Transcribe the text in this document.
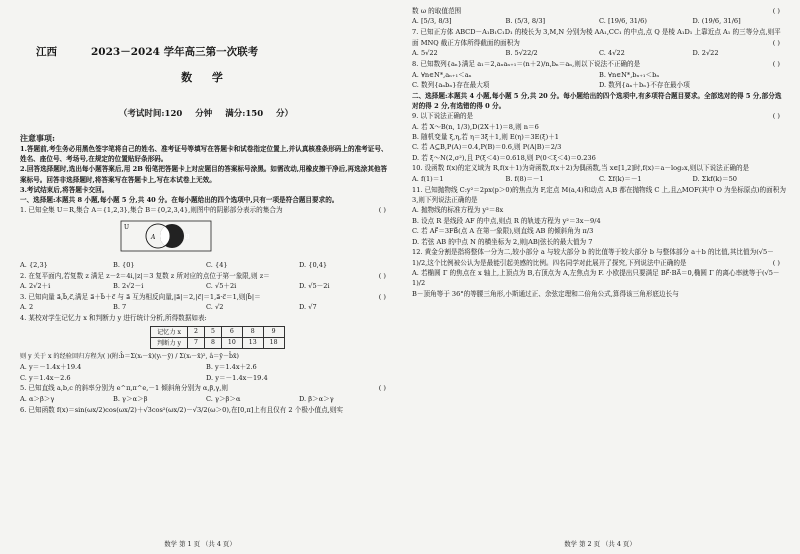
江西	2023－2024 学年高三第一次联考
数 学
（考试时间:120 分钟 满分:150 分）
注意事项:

1.答题前,考生务必用黑色签字笔将自己的姓名、准考证号等填写在答题卡和试卷指定位置上,并认真核准条形码上的准考证号、姓名、座位号、考场号,在规定的位置贴好条形码。

2.回答选择题时,选出每小题答案后,用 2B 铅笔把答题卡上对应题目的答案标号涂黑。如需改动,用橡皮擦干净后,再选涂其他答案标号。回答非选择题时,将答案写在答题卡上,写在本试卷上无效。

3.考试结束后,将答题卡交回。

一、选择题:本题共 8 小题,每小题 5 分,共 40 分。在每小题给出的四个选项中,只有一项是符合题目要求的。

1. 已知全集 U＝R,集合 A＝{1,2,3},集合 B＝{0,2,3,4},则图中的阴影部分表示的集合为	( )
U
A	B
A. {2,3}	B. {0}	C. {4}	D. {0,4}
2. 在复平面内,若复数 z 满足 z－z̄＝4i,|z|＝3 复数 z 所对应的点位于第一象限,则 z＝	( )
A. 2√2＋i	B. 2√2－i	C. √5＋2i	D. √5－2i
3. 已知向量 a⃗,b⃗,c⃗,满足 a⃗＋b⃗＋c⃗ 与 a⃗ 互为相反向量,|a⃗|＝2,|c⃗|＝1,a⃗·c⃗＝1,则|b⃗|＝	( )
A. 2	B. 7	C. √2	D. √7
4. 某校对学生记忆力 x 和判断力 y 进行统计分析,所得数据如表:
记忆力 x	2	5	6	8	9
判断力 y	7	8	10	13	18
则 y 关于 x 的经验回归方程为( )(附:b̂＝Σ(xᵢ－x̄)(yᵢ－ȳ) / Σ(xᵢ－x̄)², â＝ȳ－b̂x̄)
A. y＝－1.4x＋19.4	B. y＝1.4x＋2.6
C. y＝1.4x－2.6	D. y＝－1.4x－19.4
5. 已知直线 a,b,c 的斜率分别为 e^π,π^e,－1 倾斜角分别为 α,β,γ,则	( )
A. α＞β＞γ	B. γ＞α＞β	C. γ＞β＞α	D. β＞α＞γ
6. 已知函数 f(x)＝sin(ωx/2)cos(ωx/2)＋√3cos²(ωx/2)－√3/2(ω＞0),在[0,π]上有且仅有 2 个极小值点,则实
数学 第 1 页 （共 4 页）
数 ω 的取值范围	( )
A. [5/3, 8/3]	B. (5/3, 8/3]	C. [19/6, 31/6)	D. (19/6, 31/6]
7. 已知正方体 ABCD－A₁B₁C₁D₁ 的棱长为 3,M,N 分别为棱 AA₁,CC₁ 的中点,点 Q 是棱 A₁D₁ 上靠近点 A₁ 的三等分点,则平面 MNQ 截正方体所得截面的面积为	( )
A. 5√22	B. 5√22/2	C. 4√22	D. 2√22
8. 已知数列{aₙ}满足 a₁＝2,aₙaₙ₊₁＝(n＋2)/n,bₙ＝aₙ,则以下说法不正确的是	( )
A. ∀n∈N*,aₙ₊₁＜aₙ	B. ∀n∈N*,bₙ₊₁＜bₙ
C. 数列{aₙbₙ}存在最大项	D. 数列{aₙ＋bₙ}不存在最小项

二、选择题:本题共 4 小题,每小题 5 分,共 20 分。每小题给出的四个选项中,有多项符合题目要求。全部选对的得 5 分,部分选对的得 2 分,有选错的得 0 分。

9. 以下说法正确的是	( )

A. 若 X～B(n, 1/3),D(2X＋1)＝8,则 n＝6

B. 随机变量 ξ,η,若 η＝3ξ＋1,则 E(η)＝3E(ξ)＋1

C. 若 A⊆B,P(A)＝0.4,P(B)＝0.6,则 P(A|B)＝2/3

D. 若 ξ～N(2,σ²),且 P(ξ＜4)＝0.618,则 P(0＜ξ＜4)＝0.236

10. 设函数 f(x)的定义域为 R,f(x＋1)为奇函数,f(x＋2)为偶函数,当 x∈[1,2]时,f(x)＝a－log₂x,则以下说法正确的是
A. f(1)＝1	B. f(8)＝－1	C. Σf(k)＝－1	D. Σkf(k)＝50
11. 已知抛物线 C:y²＝2px(p＞0)的焦点为 F,定点 M(a,4)和动点 A,B 都在抛物线 C 上,且△MOF(其中 O 为坐标原点)的面积为 3,则下列说法正确的是

A. 抛物线的标准方程为 y²＝8x

B. 设点 R 是线段 AF 的中点,则点 R 的轨迹方程为 y²＝3x－9/4

C. 若 AF⃗＝3FB⃗(点 A 在第一象限),则直线 AB 的倾斜角为 π/3

D. 若弦 AB 的中点 N 的横坐标为 2,则|AB|弦长的最大值为 7

12. 黄金分割是指将整体一分为二,较小部分 a 与较大部分 b 的比值等于较大部分 b 与整体部分 a＋b 的比值,其比值为(√5－1)/2,这个比例被公认为是最能引起美感的比例。四名同学对此展开了探究,下列说法中正确的是	( )

A. 若椭圆 Γ 的焦点在 x 轴上,上顶点为 B,右顶点为 A,左焦点为 F. 小欧提出只要满足 BF⃗·BA⃗＝0,椭圆 Γ 的离心率就等于(√5－1)/2

B－顶角等于 36°的等腰三角形,小斯通过正、余弦定理和二倍角公式,算得该三角形底边长与

数学 第 2 页 （共 4 页）
